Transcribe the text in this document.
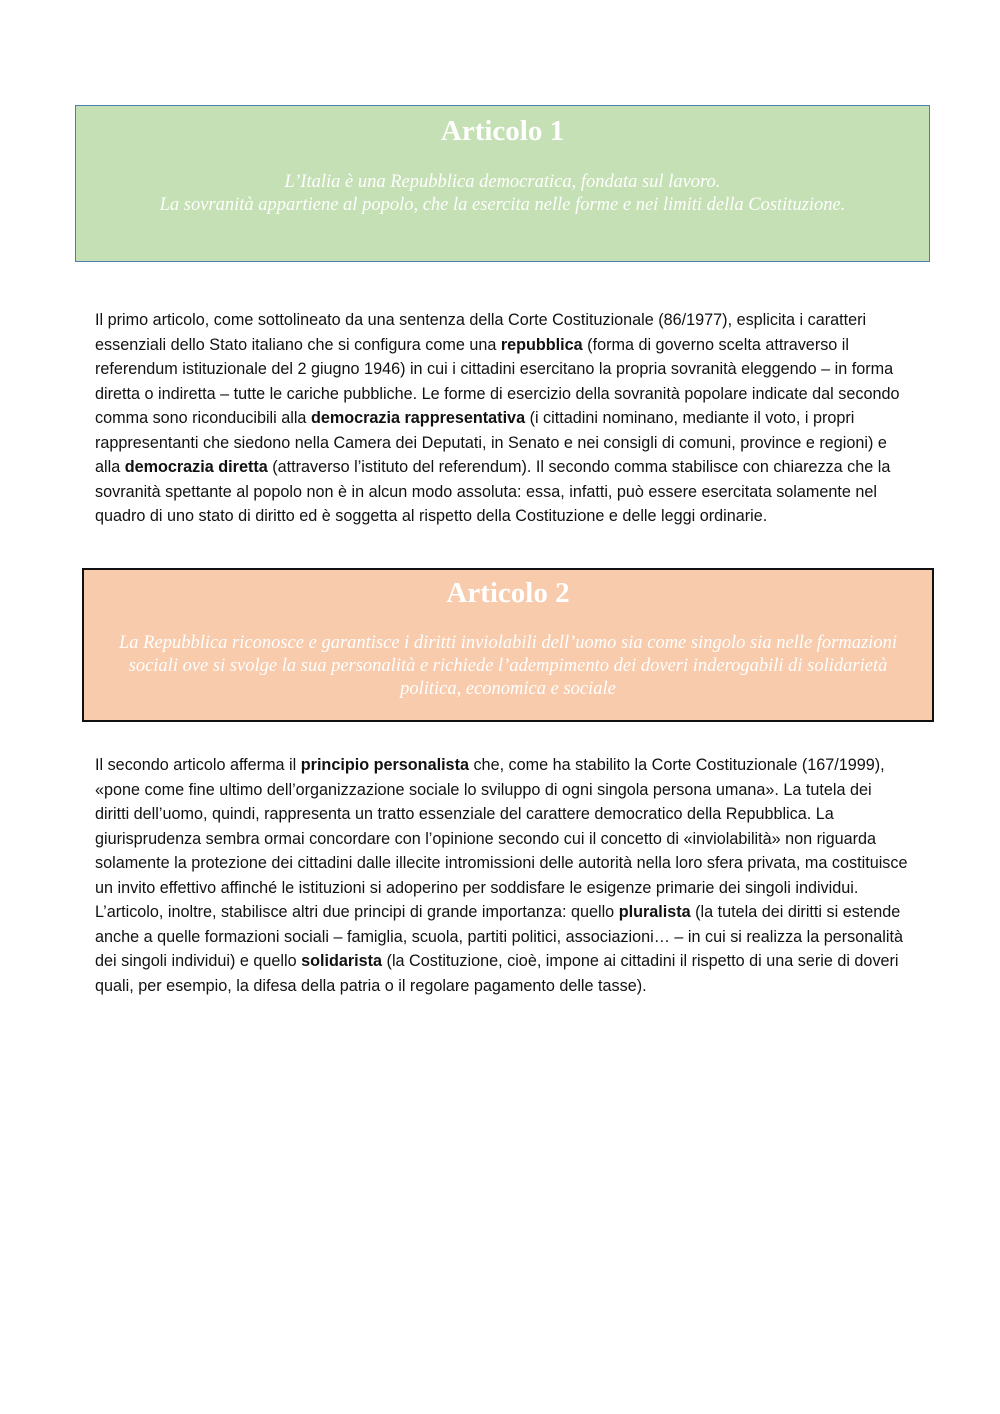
Articolo 1
L’Italia è una Repubblica democratica, fondata sul lavoro.
La sovranità appartiene al popolo, che la esercita nelle forme e nei limiti della Costituzione.

Il primo articolo, come sottolineato da una sentenza della Corte Costituzionale (86/1977), esplicita i caratteri essenziali dello Stato italiano che si configura come una repubblica (forma di governo scelta attraverso il referendum istituzionale del 2 giugno 1946) in cui i cittadini esercitano la propria sovranità eleggendo – in forma diretta o indiretta – tutte le cariche pubbliche. Le forme di esercizio della sovranità popolare indicate dal secondo comma sono riconducibili alla democrazia rappresentativa (i cittadini nominano, mediante il voto, i propri rappresentanti che siedono nella Camera dei Deputati, in Senato e nei consigli di comuni, province e regioni) e alla democrazia diretta (attraverso l’istituto del referendum). Il secondo comma stabilisce con chiarezza che la sovranità spettante al popolo non è in alcun modo assoluta: essa, infatti, può essere esercitata solamente nel quadro di uno stato di diritto ed è soggetta al rispetto della Costituzione e delle leggi ordinarie.

Articolo 2
La Repubblica riconosce e garantisce i diritti inviolabili dell’uomo sia come singolo sia nelle formazioni sociali ove si svolge la sua personalità e richiede l’adempimento dei doveri inderogabili di solidarietà politica, economica e sociale

Il secondo articolo afferma il principio personalista che, come ha stabilito la Corte Costituzionale (167/1999), «pone come fine ultimo dell’organizzazione sociale lo sviluppo di ogni singola persona umana». La tutela dei diritti dell’uomo, quindi, rappresenta un tratto essenziale del carattere democratico della Repubblica. La giurisprudenza sembra ormai concordare con l’opinione secondo cui il concetto di «inviolabilità» non riguarda solamente la protezione dei cittadini dalle illecite intromissioni delle autorità nella loro sfera privata, ma costituisce un invito effettivo affinché le istituzioni si adoperino per soddisfare le esigenze primarie dei singoli individui.
L’articolo, inoltre, stabilisce altri due principi di grande importanza: quello pluralista (la tutela dei diritti si estende anche a quelle formazioni sociali – famiglia, scuola, partiti politici, associazioni… – in cui si realizza la personalità dei singoli individui) e quello solidarista (la Costituzione, cioè, impone ai cittadini il rispetto di una serie di doveri quali, per esempio, la difesa della patria o il regolare pagamento delle tasse).
